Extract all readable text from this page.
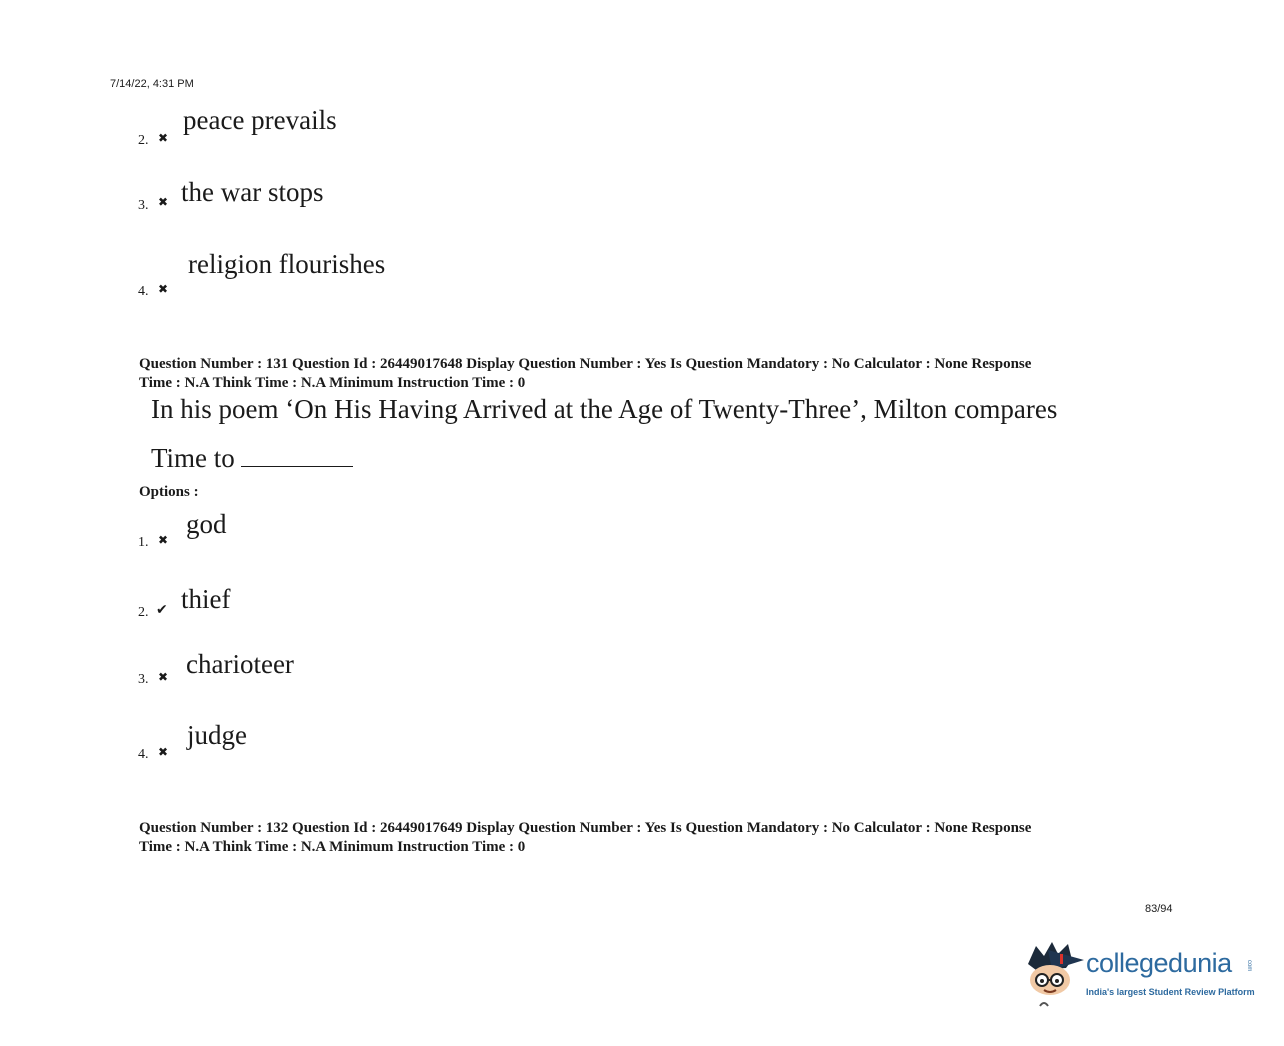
7/14/22, 4:31 PM
2. ✖
peace prevails
3. ✖ the war stops
4. ✖
religion flourishes
Question Number : 131 Question Id : 26449017648 Display Question Number : Yes Is Question Mandatory : No Calculator : None Response
Time : N.A Think Time : N.A Minimum Instruction Time : 0
In his poem ‘On His Having Arrived at the Age of Twenty-Three’, Milton compares
Time to
Options :
1. ✖
god
2. ✔ thief
3. ✖ charioteer
4. ✖
judge
Question Number : 132 Question Id : 26449017649 Display Question Number : Yes Is Question Mandatory : No Calculator : None Response
Time : N.A Think Time : N.A Minimum Instruction Time : 0
83/94
collegedunia com
India's largest Student Review Platform
